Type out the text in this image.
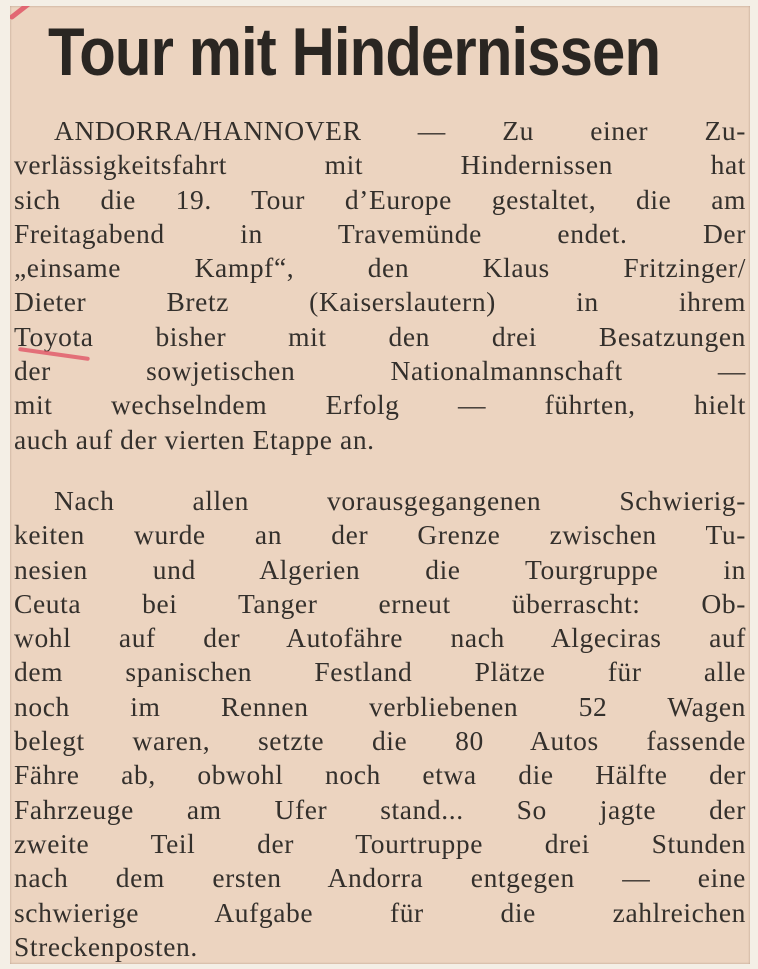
Tour mit Hindernissen
ANDORRA/HANNOVER — Zu einer Zu-
verlässigkeitsfahrt mit Hindernissen hat
sich die 19. Tour d’Europe gestaltet, die am
Freitagabend in Travemünde endet. Der
„einsame Kampf“, den Klaus Fritzinger/
Dieter Bretz (Kaiserslautern) in ihrem
Toyota bisher mit den drei Besatzungen
der sowjetischen Nationalmannschaft —
mit wechselndem Erfolg — führten, hielt
auch auf der vierten Etappe an.
Nach allen vorausgegangenen Schwierig-
keiten wurde an der Grenze zwischen Tu-
nesien und Algerien die Tourgruppe in
Ceuta bei Tanger erneut überrascht: Ob-
wohl auf der Autofähre nach Algeciras auf
dem spanischen Festland Plätze für alle
noch im Rennen verbliebenen 52 Wagen
belegt waren, setzte die 80 Autos fassende
Fähre ab, obwohl noch etwa die Hälfte der
Fahrzeuge am Ufer stand... So jagte der
zweite Teil der Tourtruppe drei Stunden
nach dem ersten Andorra entgegen — eine
schwierige Aufgabe für die zahlreichen
Streckenposten.
